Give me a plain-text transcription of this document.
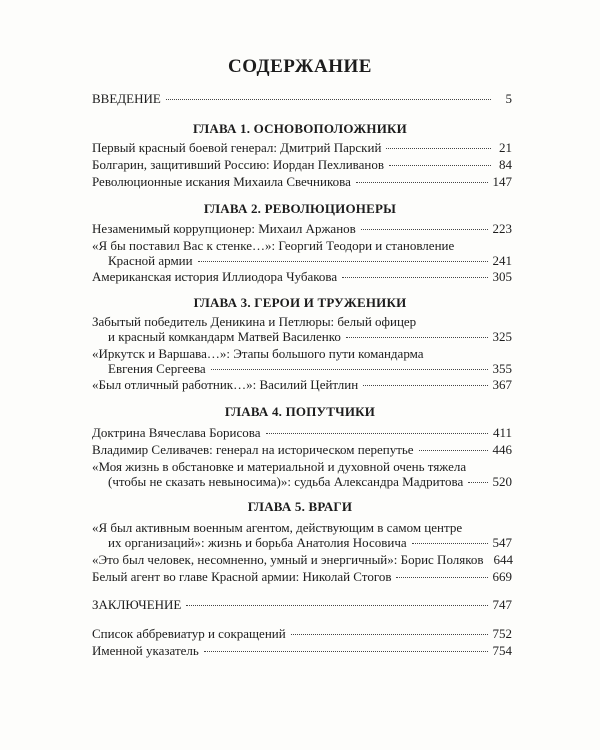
СОДЕРЖАНИЕ
ВВЕДЕНИЕ	5
ГЛАВА 1. ОСНОВОПОЛОЖНИКИ
Первый красный боевой генерал: Дмитрий Парский	21
Болгарин, защитивший Россию: Иордан Пехливанов	84
Революционные искания Михаила Свечникова	147
ГЛАВА 2. РЕВОЛЮЦИОНЕРЫ
Незаменимый коррупционер: Михаил Аржанов	223
«Я бы поставил Вас к стенке…»: Георгий Теодори и становление
Красной армии	241
Американская история Иллиодора Чубакова	305
ГЛАВА 3. ГЕРОИ И ТРУЖЕНИКИ
Забытый победитель Деникина и Петлюры: белый офицер
и красный комкандарм Матвей Василенко	325
«Иркутск и Варшава…»: Этапы большого пути командарма
Евгения Сергеева	355
«Был отличный работник…»: Василий Цейтлин	367
ГЛАВА 4. ПОПУТЧИКИ
Доктрина Вячеслава Борисова	411
Владимир Селивачев: генерал на историческом перепутье	446
«Моя жизнь в обстановке и материальной и духовной очень тяжела
(чтобы не сказать невыносима)»: судьба Александра Мадритова 520
ГЛАВА 5. ВРАГИ
«Я был активным военным агентом, действующим в самом центре
их организаций»: жизнь и борьба Анатолия Носовича	547
«Это был человек, несомненно, умный и энергичный»: Борис Поляков 644
Белый агент во главе Красной армии: Николай Стогов	669
ЗАКЛЮЧЕНИЕ	747
Список аббревиатур и сокращений	752
Именной указатель	754
